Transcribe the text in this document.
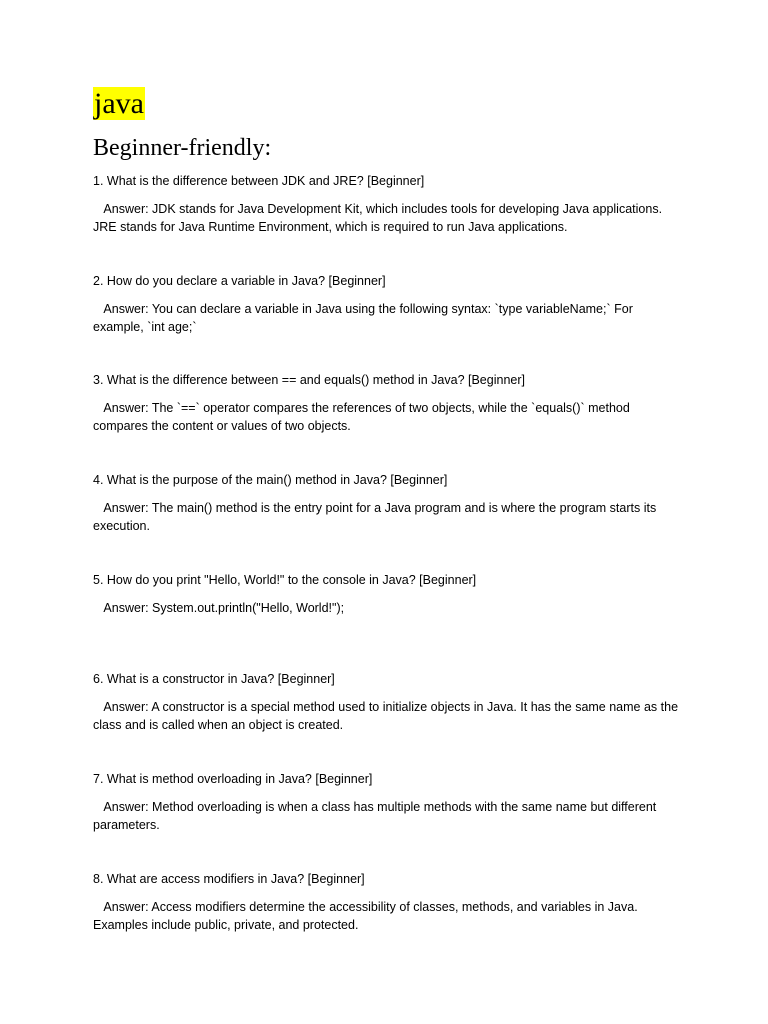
java
Beginner-friendly:

1. What is the difference between JDK and JRE? [Beginner]

Answer: JDK stands for Java Development Kit, which includes tools for developing Java applications. JRE stands for Java Runtime Environment, which is required to run Java applications.

2. How do you declare a variable in Java? [Beginner]

Answer: You can declare a variable in Java using the following syntax: `type variableName;` For example, `int age;`

3. What is the difference between == and equals() method in Java? [Beginner]

Answer: The `==` operator compares the references of two objects, while the `equals()` method compares the content or values of two objects.

4. What is the purpose of the main() method in Java? [Beginner]

Answer: The main() method is the entry point for a Java program and is where the program starts its execution.

5. How do you print "Hello, World!" to the console in Java? [Beginner]

Answer: System.out.println("Hello, World!");

6. What is a constructor in Java? [Beginner]

Answer: A constructor is a special method used to initialize objects in Java. It has the same name as the class and is called when an object is created.

7. What is method overloading in Java? [Beginner]

Answer: Method overloading is when a class has multiple methods with the same name but different parameters.

8. What are access modifiers in Java? [Beginner]

Answer: Access modifiers determine the accessibility of classes, methods, and variables in Java. Examples include public, private, and protected.
